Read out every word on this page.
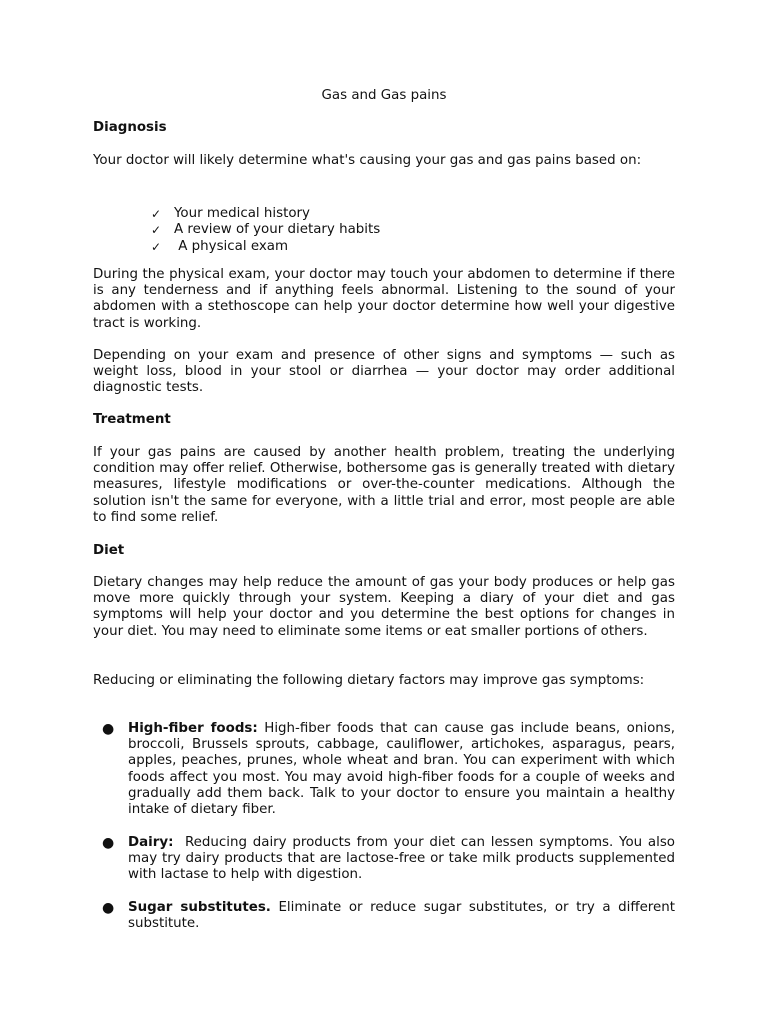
Gas and Gas pains
Diagnosis
Your doctor will likely determine what's causing your gas and gas pains based on:
✓ Your medical history
✓ A review of your dietary habits
✓ A physical exam
During the physical exam, your doctor may touch your abdomen to determine if there is any tenderness and if anything feels abnormal. Listening to the sound of your abdomen with a stethoscope can help your doctor determine how well your digestive tract is working.
Depending on your exam and presence of other signs and symptoms — such as weight loss, blood in your stool or diarrhea — your doctor may order additional diagnostic tests.
Treatment
If your gas pains are caused by another health problem, treating the underlying condition may offer relief. Otherwise, bothersome gas is generally treated with dietary measures, lifestyle modifications or over-the-counter medications. Although the solution isn't the same for everyone, with a little trial and error, most people are able to find some relief.
Diet
Dietary changes may help reduce the amount of gas your body produces or help gas move more quickly through your system. Keeping a diary of your diet and gas symptoms will help your doctor and you determine the best options for changes in your diet. You may need to eliminate some items or eat smaller portions of others.
Reducing or eliminating the following dietary factors may improve gas symptoms:
● High-fiber foods: High-fiber foods that can cause gas include beans, onions, broccoli, Brussels sprouts, cabbage, cauliflower, artichokes, asparagus, pears, apples, peaches, prunes, whole wheat and bran. You can experiment with which foods affect you most. You may avoid high-fiber foods for a couple of weeks and gradually add them back. Talk to your doctor to ensure you maintain a healthy intake of dietary fiber.
● Dairy:  Reducing dairy products from your diet can lessen symptoms. You also may try dairy products that are lactose-free or take milk products supplemented with lactase to help with digestion.
● Sugar substitutes. Eliminate or reduce sugar substitutes, or try a different substitute.
